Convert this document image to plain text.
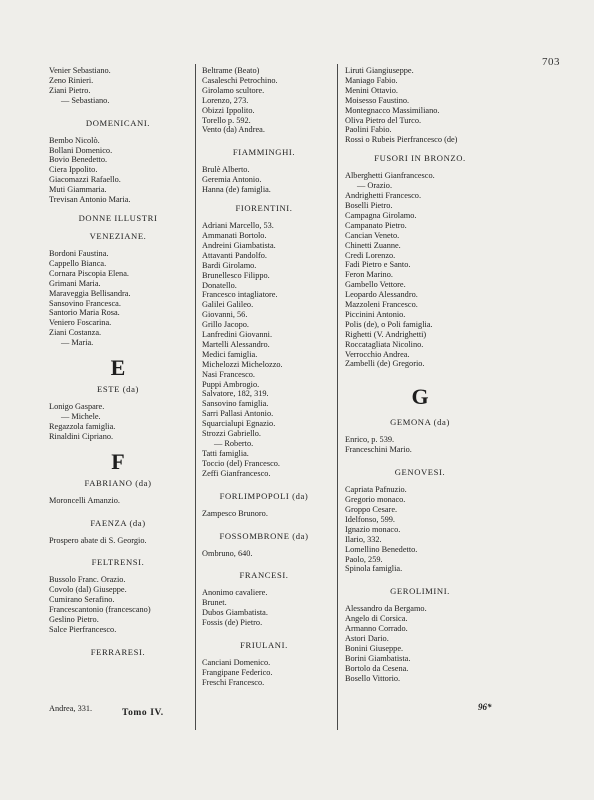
703
Venier Sebastiano.
Zeno Rinieri.
Ziani Pietro.
— Sebastiano.
DOMENICANI.
Bembo Nicolò.
Bollani Domenico.
Bovio Benedetto.
Ciera Ippolito.
Giacomazzi Rafaello.
Muti Giammaria.
Trevisan Antonio Maria.
DONNE ILLUSTRI
VENEZIANE.
Bordoni Faustina.
Cappello Bianca.
Cornara Piscopia Elena.
Grimani Maria.
Maraveggia Bellisandra.
Sansovino Francesca.
Santorio Maria Rosa.
Veniero Foscarina.
Ziani Costanza.
— Maria.
E
ESTE (da)
Lonigo Gaspare.
— Michele.
Regazzola famiglia.
Rinaldini Cipriano.
F
FABRIANO (da)
Moroncelli Amanzio.
FAENZA (da)
Prospero abate di S. Georgio.
FELTRENSI.
Bussolo Franc. Orazio.
Covolo (dal) Giuseppe.
Cumirano Serafino.
Francescantonio (francescano)
Geslino Pietro.
Salce Pierfrancesco.
FERRARESI.
Beltrame (Beato)
Casaleschi Petrochino.
Girolamo scultore.
Lorenzo, 273.
Obizzi Ippolito.
Torello p. 592.
Vento (da) Andrea.
FIAMMINGHI.
Brulè Alberto.
Geremia Antonio.
Hanna (de) famiglia.
FIORENTINI.
Adriani Marcello, 53.
Ammanati Bortolo.
Andreini Giambatista.
Attavanti Pandolfo.
Bardi Girolamo.
Brunellesco Filippo.
Donatello.
Francesco intagliatore.
Galilei Galileo.
Giovanni, 56.
Grillo Jacopo.
Lanfredini Giovanni.
Martelli Alessandro.
Medici famiglia.
Michelozzi Michelozzo.
Nasi Francesco.
Puppi Ambrogio.
Salvatore, 182, 319.
Sansovino famiglia.
Sarri Pallasi Antonio.
Squarcialupi Egnazio.
Strozzi Gabriello.
— Roberto.
Tatti famiglia.
Toccio (del) Francesco.
Zeffi Gianfrancesco.
FORLIMPOPOLI (da)
Zampesco Brunoro.
FOSSOMBRONE (da)
Ombruno, 640.
FRANCESI.
Anonimo cavaliere.
Brunet.
Dubos Giambatista.
Fossis (de) Pietro.
FRIULANI.
Canciani Domenico.
Frangipane Federico.
Freschi Francesco.
Liruti Giangiuseppe.
Maniago Fabio.
Menini Ottavio.
Moisesso Faustino.
Montegnacco Massimiliano.
Oliva Pietro del Turco.
Paolini Fabio.
Rossi o Rubeis Pierfrancesco (de)
FUSORI IN BRONZO.
Alberghetti Gianfrancesco.
— Orazio.
Andrighetti Francesco.
Boselli Pietro.
Campagna Girolamo.
Campanato Pietro.
Cancian Veneto.
Chinetti Zuanne.
Credi Lorenzo.
Fadi Pietro e Santo.
Feron Marino.
Gambello Vettore.
Leopardo Alessandro.
Mazzoleni Francesco.
Piccinini Antonio.
Polis (de), o Poli famiglia.
Righetti (V. Andrighetti)
Roccatagliata Nicolino.
Verrocchio Andrea.
Zambelli (de) Gregorio.
G
GEMONA (da)
Enrico, p. 539.
Franceschini Mario.
GENOVESI.
Capriata Pafnuzio.
Gregorio monaco.
Groppo Cesare.
Idelfonso, 599.
Ignazio monaco.
Ilario, 332.
Lomellino Benedetto.
Paolo, 259.
Spinola famiglia.
GEROLIMINI.
Alessandro da Bergamo.
Angelo di Corsica.
Armanno Corrado.
Astori Dario.
Bonini Giuseppe.
Borini Giambatista.
Bortolo da Cesena.
Bosello Vittorio.
Andrea, 331.	Tomo IV.
96*
